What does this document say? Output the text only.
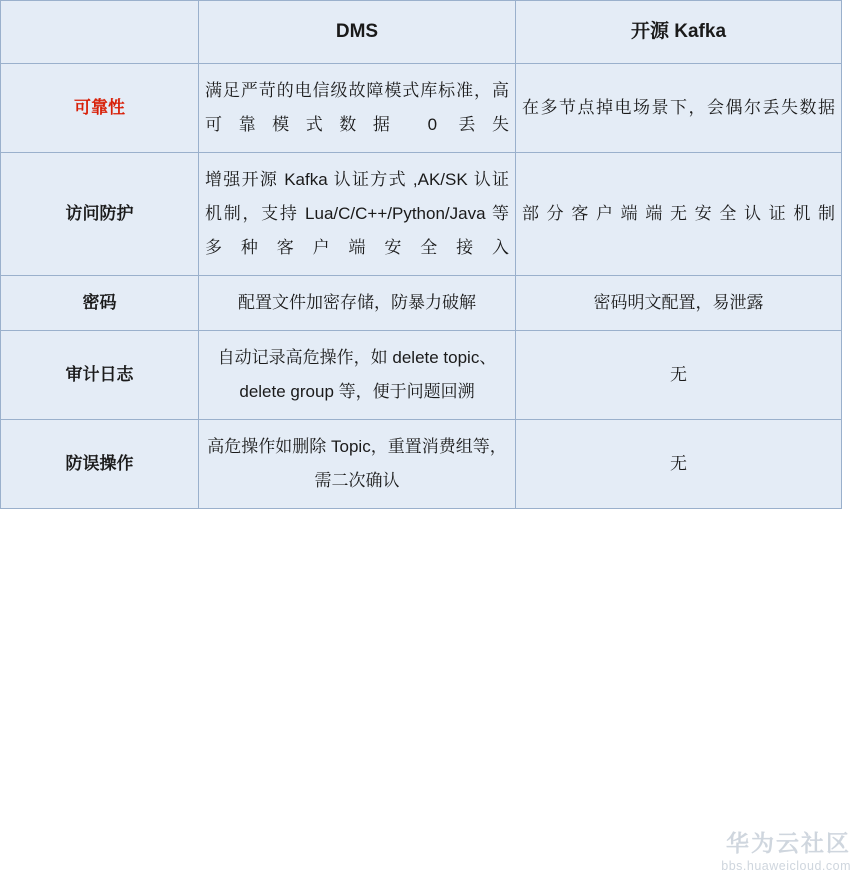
	DMS	开源 Kafka
可靠性	满足严苛的电信级故障模式库标准，高可靠模式数据 0 丢失	在多节点掉电场景下，会偶尔丢失数据
访问防护	增强开源 Kafka 认证方式 ,AK/SK 认证机制，支持 Lua/C/C++/Python/Java 等多种客户端安全接入	部分客户端端无安全认证机制
密码	配置文件加密存储，防暴力破解	密码明文配置，易泄露
审计日志	自动记录高危操作，如 delete topic、delete group 等，便于问题回溯	无
防误操作	高危操作如删除 Topic，重置消费组等，需二次确认	无
华为云社区
bbs.huaweicloud.com
